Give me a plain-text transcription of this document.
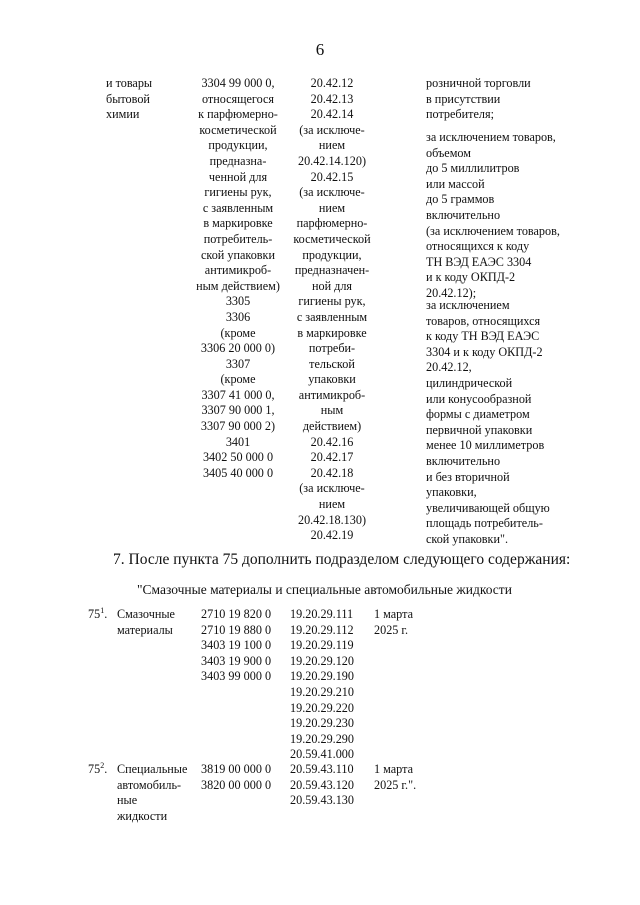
6
и товары
бытовой
химии
3304 99 000 0,
относящегося
к парфюмерно-
косметической
продукции,
предназна-
ченной для
гигиены рук,
с заявленным
в маркировке
потребитель-
ской упаковки
антимикроб-
ным действием)
3305
3306
(кроме
3306 20 000 0)
3307
(кроме
3307 41 000 0,
3307 90 000 1,
3307 90 000 2)
3401
3402 50 000 0
3405 40 000 0
20.42.12
20.42.13
20.42.14
(за исключе-
нием
20.42.14.120)
20.42.15
(за исключе-
нием
парфюмерно-
косметической
продукции,
предназначен-
ной для
гигиены рук,
с заявленным
в маркировке
потреби-
тельской
упаковки
антимикроб-
ным
действием)
20.42.16
20.42.17
20.42.18
(за исключе-
нием
20.42.18.130)
20.42.19
розничной торговли
в присутствии
потребителя;
за исключением товаров,
объемом
до 5 миллилитров
или массой
до 5 граммов
включительно
(за исключением товаров,
относящихся к коду
ТН ВЭД ЕАЭС 3304
и к коду ОКПД-2
20.42.12);
за исключением
товаров, относящихся
к коду ТН ВЭД ЕАЭС
3304 и к коду ОКПД-2
20.42.12,
цилиндрической
или конусообразной
формы с диаметром
первичной упаковки
менее 10 миллиметров
включительно
и без вторичной
упаковки,
увеличивающей общую
площадь потребитель-
ской упаковки".
7. После пункта 75 дополнить подразделом следующего содержания:
"Смазочные материалы и специальные автомобильные жидкости
$75^1$. Смазочные
материалы
2710 19 820 0
2710 19 880 0
3403 19 100 0
3403 19 900 0
3403 99 000 0
19.20.29.111
19.20.29.112
19.20.29.119
19.20.29.120
19.20.29.190
19.20.29.210
19.20.29.220
19.20.29.230
19.20.29.290
20.59.41.000
1 марта
2025 г.
$75^2$. Специальные
автомобиль-
ные
жидкости
3819 00 000 0
3820 00 000 0
20.59.43.110
20.59.43.120
20.59.43.130
1 марта
2025 г.".
